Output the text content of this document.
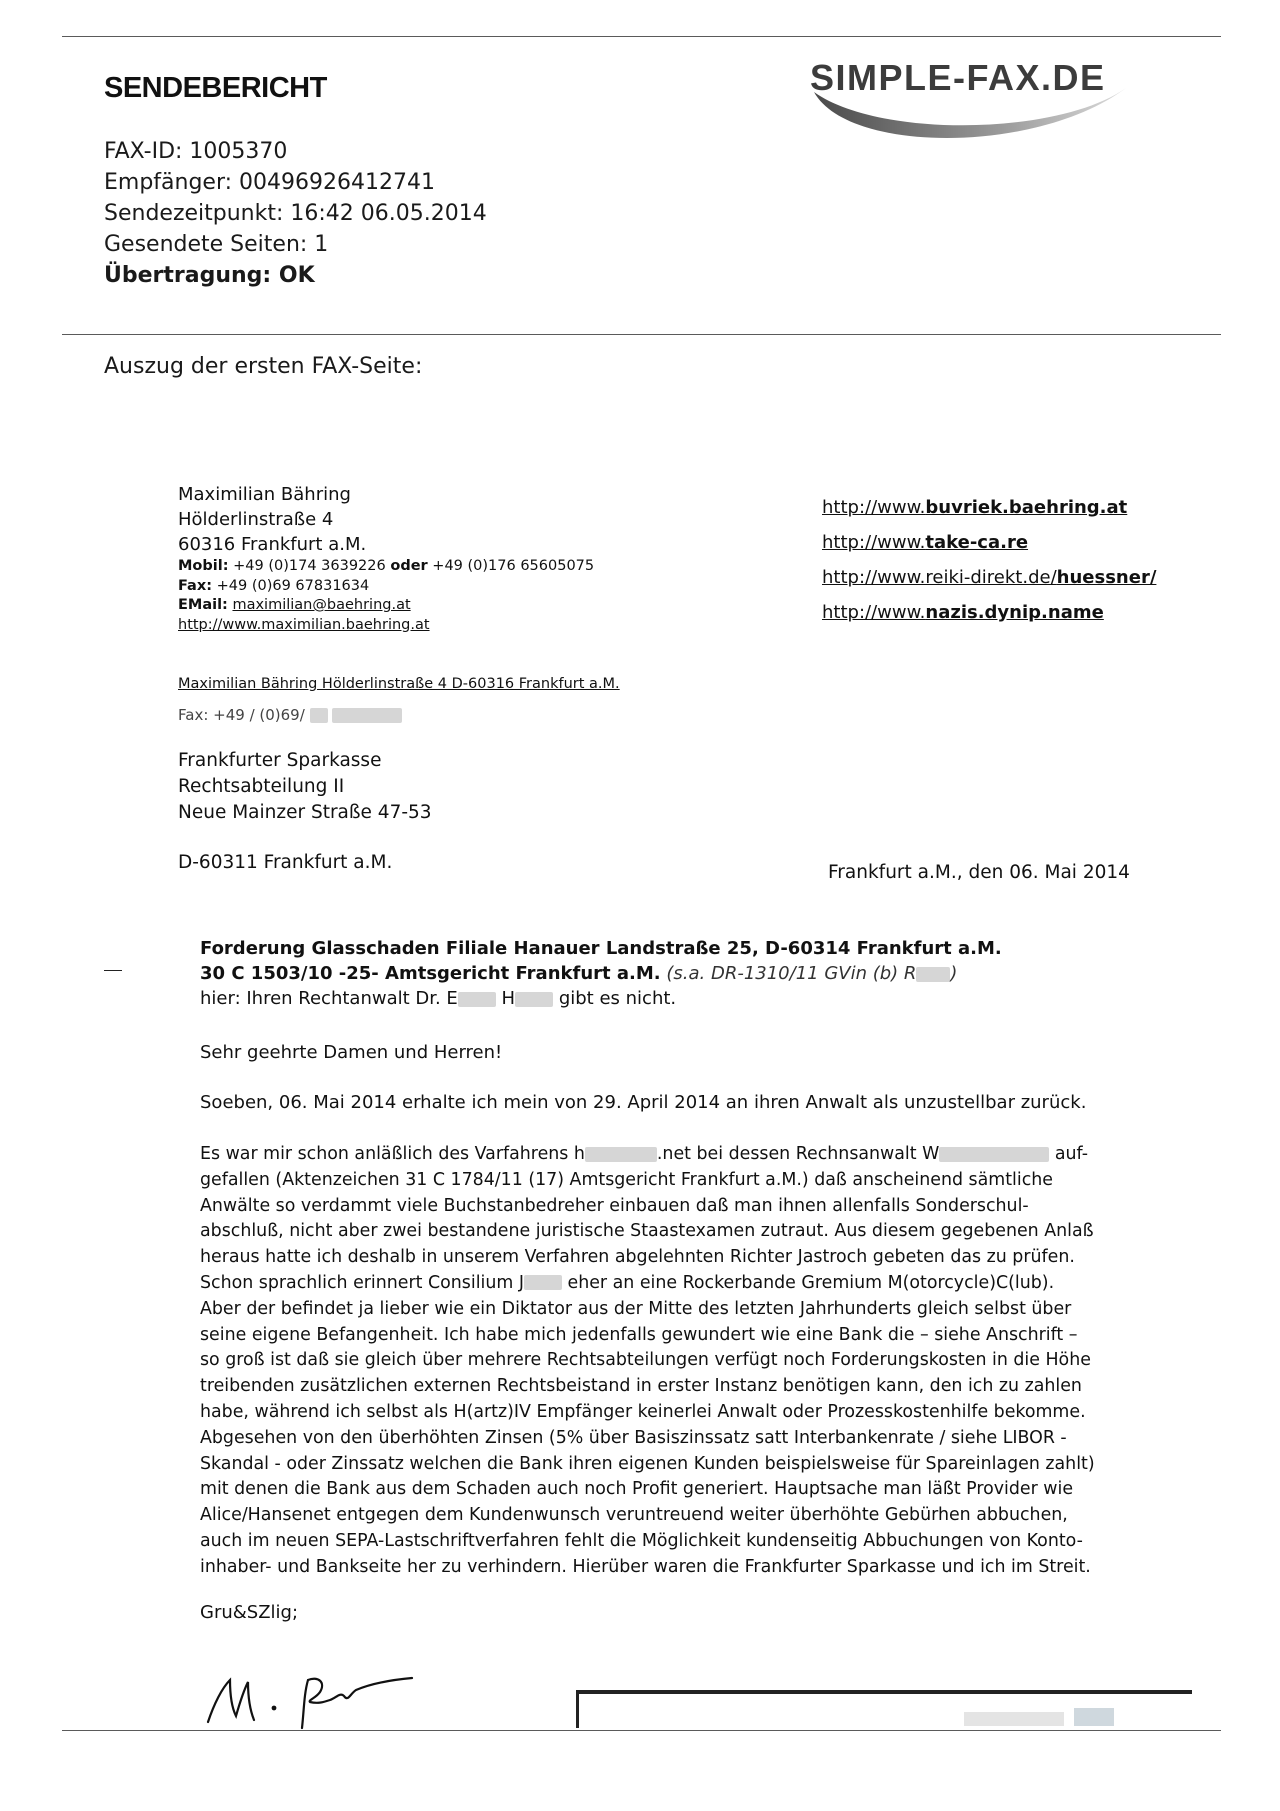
SENDEBERICHT	SIMPLE-FAX.DE
FAX-ID: 1005370
Empfänger: 00496926412741
Sendezeitpunkt: 16:42 06.05.2014
Gesendete Seiten: 1
Übertragung: OK
Auszug der ersten FAX-Seite:
Maximilian Bähring
Hölderlinstraße 4
60316 Frankfurt a.M.
Mobil: +49 (0)174 3639226 oder +49 (0)176 65605075
Fax: +49 (0)69 67831634
EMail: maximilian@baehring.at
http://www.maximilian.baehring.at
http://www.buvriek.baehring.at
http://www.take-ca.re
http://www.reiki-direkt.de/huessner/
http://www.nazis.dynip.name
Maximilian Bähring Hölderlinstraße 4 D-60316 Frankfurt a.M.
Fax: +49 / (0)69/
Frankfurter Sparkasse
Rechtsabteilung II
Neue Mainzer Straße 47-53
D-60311 Frankfurt a.M.	Frankfurt a.M., den 06. Mai 2014
Forderung Glasschaden Filiale Hanauer Landstraße 25, D-60314 Frankfurt a.M.
30 C 1503/10 -25- Amtsgericht Frankfurt a.M. (s.a. DR-1310/11 GVin (b) R )
hier: Ihren Rechtanwalt Dr. E H gibt es nicht.
Sehr geehrte Damen und Herren!
Soeben, 06. Mai 2014 erhalte ich mein von 29. April 2014 an ihren Anwalt als unzustellbar zurück.
Es war mir schon anläßlich des Varfahrens h	.net bei dessen Rechnsanwalt W	auf-
gefallen (Aktenzeichen 31 C 1784/11 (17) Amtsgericht Frankfurt a.M.) daß anscheinend sämtliche
Anwälte so verdammt viele Buchstanbedreher einbauen daß man ihnen allenfalls Sonderschul-
abschluß, nicht aber zwei bestandene juristische Staastexamen zutraut. Aus diesem gegebenen Anlaß
heraus hatte ich deshalb in unserem Verfahren abgelehnten Richter Jastroch gebeten das zu prüfen.
Schon sprachlich erinnert Consilium J	eher an eine Rockerbande Gremium M(otorcycle)C(lub).
Aber der befindet ja lieber wie ein Diktator aus der Mitte des letzten Jahrhunderts gleich selbst über
seine eigene Befangenheit. Ich habe mich jedenfalls gewundert wie eine Bank die – siehe Anschrift –
so groß ist daß sie gleich über mehrere Rechtsabteilungen verfügt noch Forderungskosten in die Höhe
treibenden zusätzlichen externen Rechtsbeistand in erster Instanz benötigen kann, den ich zu zahlen
habe, während ich selbst als H(artz)IV Empfänger keinerlei Anwalt oder Prozesskostenhilfe bekomme.
Abgesehen von den überhöhten Zinsen (5% über Basiszinssatz satt Interbankenrate / siehe LIBOR -
Skandal - oder Zinssatz welchen die Bank ihren eigenen Kunden beispielsweise für Spareinlagen zahlt)
mit denen die Bank aus dem Schaden auch noch Profit generiert. Hauptsache man läßt Provider wie
Alice/Hansenet entgegen dem Kundenwunsch veruntreuend weiter überhöhte Gebürhen abbuchen,
auch im neuen SEPA-Lastschriftverfahren fehlt die Möglichkeit kundenseitig Abbuchungen von Konto-
inhaber- und Bankseite her zu verhindern. Hierüber waren die Frankfurter Sparkasse und ich im Streit.
Gru&SZlig;
